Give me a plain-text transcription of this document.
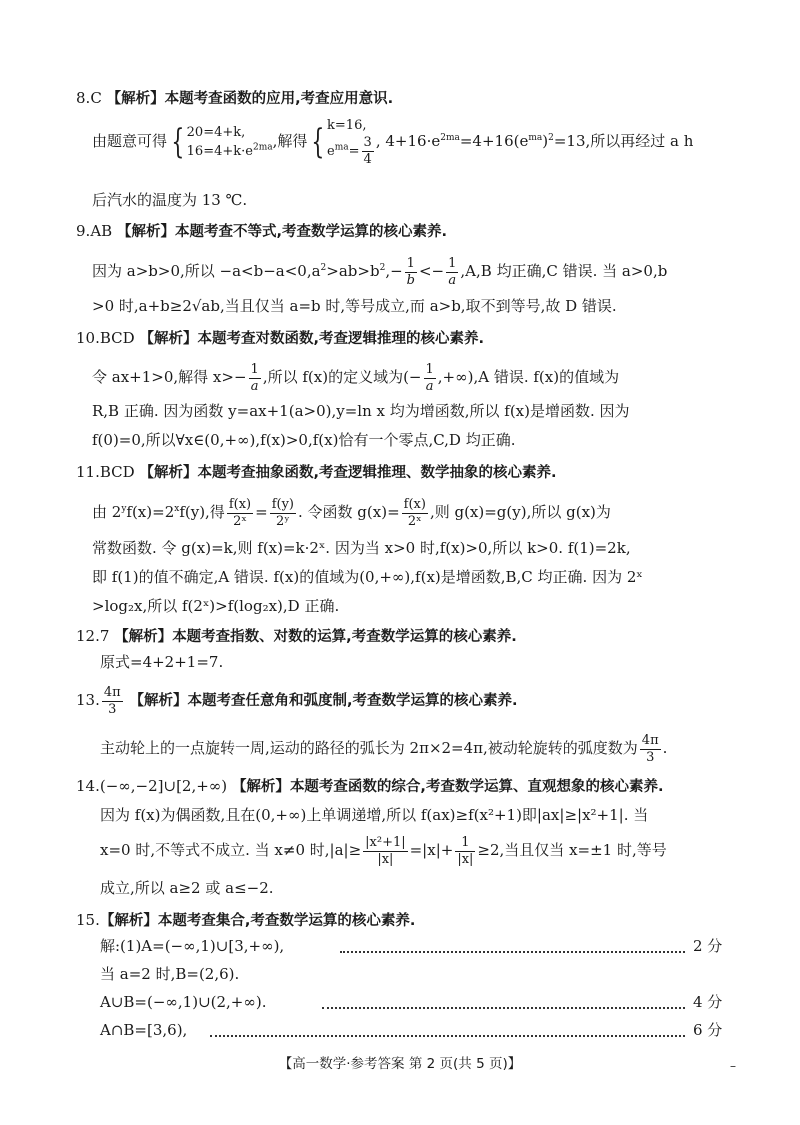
8.C 【解析】本题考查函数的应用,考查应用意识.
由题意可得 { 20=4+k,
$16=4+k\cdot e^{2ma}$,解得 { k=16,
$e^{ma}= \frac{3}{4}$ , $4+16\cdot e^{2ma}=4+16(e^{ma})^2=13$,所以再经过 a h
后汽水的温度为 13 ℃.
9.AB 【解析】本题考查不等式,考查数学运算的核心素养.
因为 a>b>0,所以 $-a<b-a<0,a^2>ab>b^2,- \frac{1}{b} <- \frac{1}{a} ,A,B$ 均正确,C 错误. 当 a>0,b
>0 时,a+b≥2√ab,当且仅当 a=b 时,等号成立,而 a>b,取不到等号,故 D 错误.
10.BCD 【解析】本题考查对数函数,考查逻辑推理的核心素养.
令 ax+1>0,解得 $x>- \frac{1}{a}$ ,所以 f(x)的定义域为(− $\frac{1}{a} ,+\infty),A$ 错误. f(x)的值域为
R,B 正确. 因为函数 y=ax+1(a>0),y=ln x 均为增函数,所以 f(x)是增函数. 因为
f(0)=0,所以∀x∈(0,+∞),f(x)>0,f(x)恰有一个零点,C,D 均正确.
11.BCD 【解析】本题考查抽象函数,考查逻辑推理、数学抽象的核心素养.
由 $2^yf(x)=2^xf(y)$,得 $\frac{f(x)}{\text{2ˣ}} = \frac{f(y)}{\text{2ʸ}}$ . 令函数 $g(x)= \frac{f(x)}{\text{2ˣ}}$ ,则 g(x)=g(y),所以 g(x)为
常数函数. 令 g(x)=k,则 f(x)=k·2ˣ. 因为当 x>0 时,f(x)>0,所以 k>0. f(1)=2k,
即 f(1)的值不确定,A 错误. f(x)的值域为(0,+∞),f(x)是增函数,B,C 均正确. 因为 2ˣ
>log₂x,所以 f(2ˣ)>f(log₂x),D 正确.
12.7 【解析】本题考查指数、对数的运算,考查数学运算的核心素养.
原式=4+2+1=7.
13. $\frac{4\pi}{3}$ 【解析】本题考查任意角和弧度制,考查数学运算的核心素养.
主动轮上的一点旋转一周,运动的路径的弧长为 2π×2=4π,被动轮旋转的弧度数为 $\frac{4\pi}{3}$ .
14.(−∞,−2]∪[2,+∞) 【解析】本题考查函数的综合,考查数学运算、直观想象的核心素养.
因为 f(x)为偶函数,且在(0,+∞)上单调递增,所以 f(ax)≥f(x²+1)即|ax|≥|x²+1|. 当
x=0 时,不等式不成立. 当 x≠0 时$,|a|\ge \frac{\text{|x²+1|}}{|x|} =|x|+ \frac{1}{|x|} \ge 2$,当且仅当 x=±1 时,等号
成立,所以 a≥2 或 a≤−2.
15.【解析】本题考查集合,考查数学运算的核心素养.
解:(1)A=(−∞,1)∪[3,+∞),	2 分
当 a=2 时,B=(2,6).
A∪B=(−∞,1)∪(2,+∞).	4 分
A∩B=[3,6),	6 分
【高一数学·参考答案 第 2 页(共 5 页)】	–
